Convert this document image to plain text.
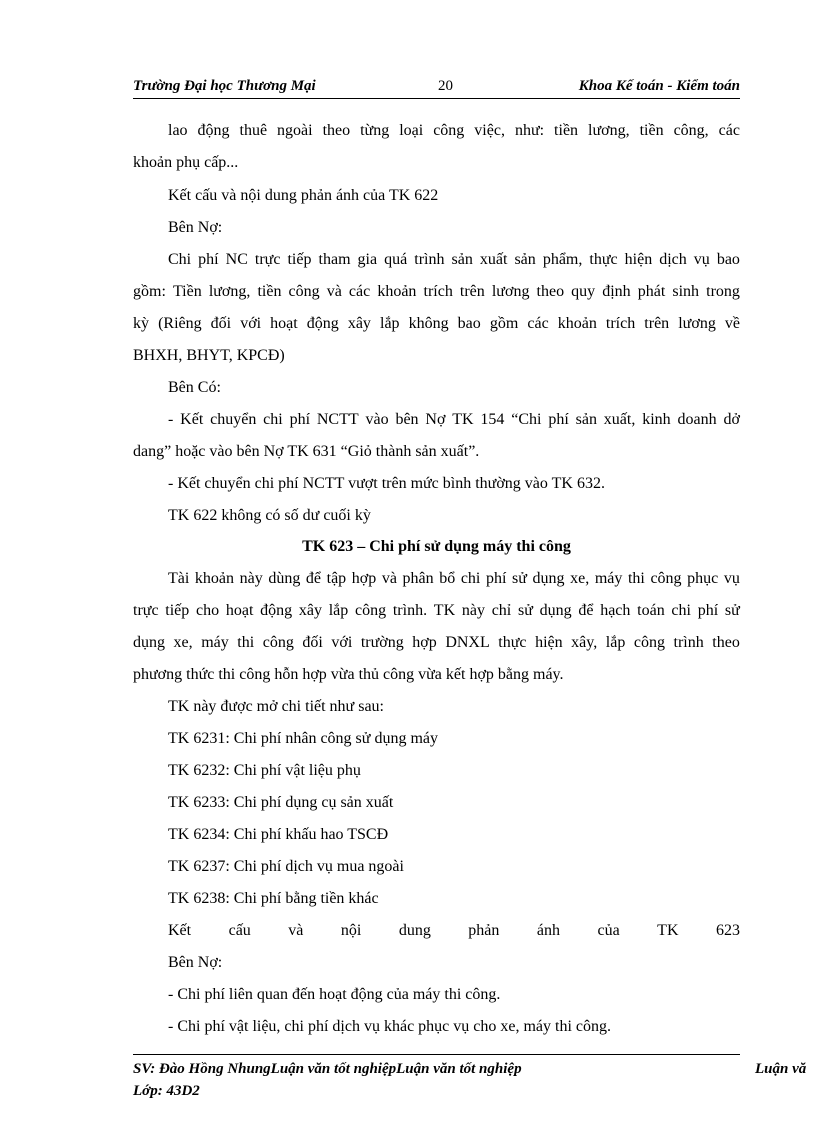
Trường Đại học Thương Mại	20	Khoa Kế toán - Kiểm toán
lao động thuê ngoài theo từng loại công việc, như: tiền lương, tiền công, các
khoản phụ cấp...
Kết cấu và nội dung phản ánh của TK 622
Bên Nợ:
Chi phí NC trực tiếp tham gia quá trình sản xuất sản phẩm, thực hiện dịch vụ bao
gồm: Tiền lương, tiền công và các khoản trích trên lương theo quy định phát sinh trong
kỳ (Riêng đối với hoạt động xây lắp không bao gồm các khoản trích trên lương về
BHXH, BHYT, KPCĐ)
Bên Có:
- Kết chuyển chi phí NCTT vào bên Nợ TK 154 “Chi phí sản xuất, kinh doanh dở
dang” hoặc vào bên Nợ TK 631 “Giỏ thành sản xuất”.
- Kết chuyển chi phí NCTT vượt trên mức bình thường vào TK 632.
TK 622 không có số dư cuối kỳ
TK 623 – Chi phí sử dụng máy thi công
Tài khoản này dùng để tập hợp và phân bổ chi phí sử dụng xe, máy thi công phục vụ
trực tiếp cho hoạt động xây lắp công trình. TK này chỉ sử dụng để hạch toán chi phí sử
dụng xe, máy thi công đối với trường hợp DNXL thực hiện xây, lắp công trình theo
phương thức thi công hỗn hợp vừa thủ công vừa kết hợp bằng máy.
TK này được mở chi tiết như sau:
TK 6231: Chi phí nhân công sử dụng máy
TK 6232: Chi phí vật liệu phụ
TK 6233: Chi phí dụng cụ sản xuất
TK 6234: Chi phí khấu hao TSCĐ
TK 6237: Chi phí dịch vụ mua ngoài
TK 6238: Chi phí bằng tiền khác
Kết cấu và nội dung phản ánh của TK 623
Bên Nợ:
- Chi phí liên quan đến hoạt động của máy thi công.
- Chi phí vật liệu, chi phí dịch vụ khác phục vụ cho xe, máy thi công.
SV: Đào Hồng NhungLuận văn tốt nghiệpLuận văn tốt nghiệp	Luận vă
Lớp: 43D2
